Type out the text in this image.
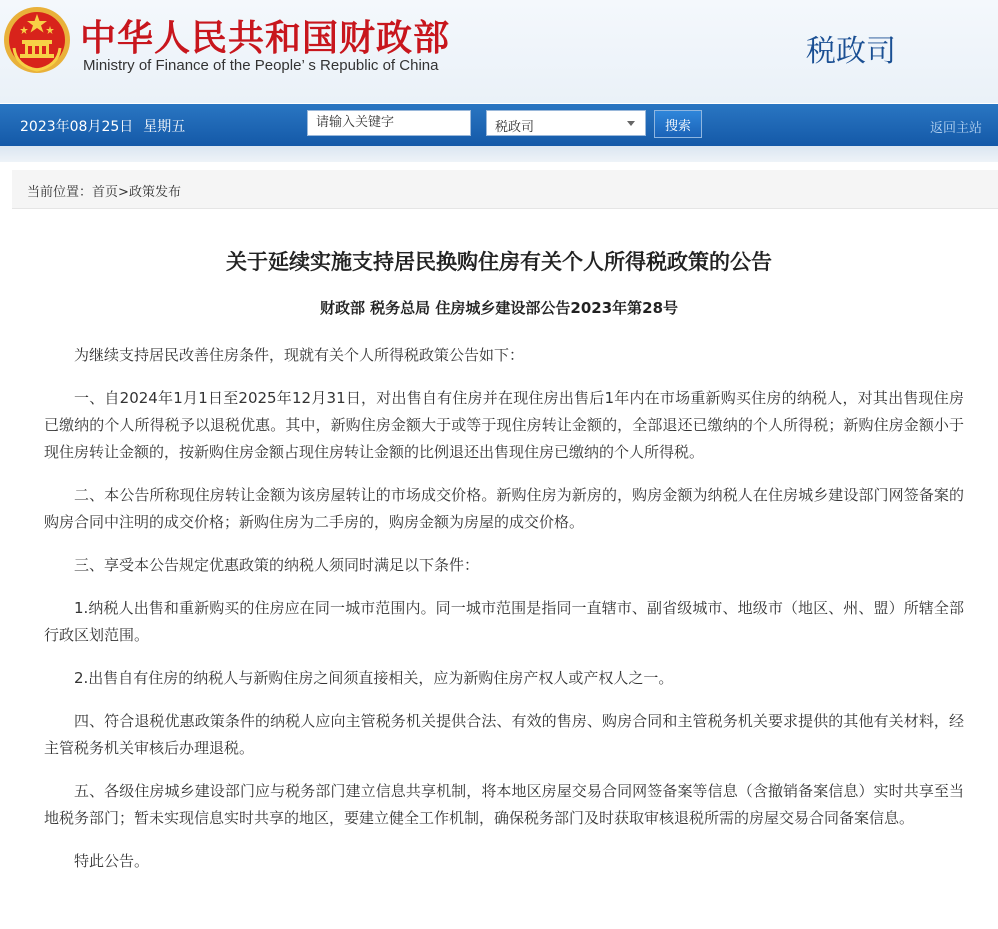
中华人民共和国财政部
Ministry of Finance of the People’ s Republic of China	税政司
2023年08月25日 星期五
请输入关键字	税政司	搜索	返回主站
当前位置：首页>政策发布
关于延续实施支持居民换购住房有关个人所得税政策的公告
财政部 税务总局 住房城乡建设部公告2023年第28号

为继续支持居民改善住房条件，现就有关个人所得税政策公告如下：

一、自2024年1月1日至2025年12月31日，对出售自有住房并在现住房出售后1年内在市场重新购买住房的纳税人，对其出售现住房已缴纳的个人所得税予以退税优惠。其中，新购住房金额大于或等于现住房转让金额的，全部退还已缴纳的个人所得税；新购住房金额小于现住房转让金额的，按新购住房金额占现住房转让金额的比例退还出售现住房已缴纳的个人所得税。

二、本公告所称现住房转让金额为该房屋转让的市场成交价格。新购住房为新房的，购房金额为纳税人在住房城乡建设部门网签备案的购房合同中注明的成交价格；新购住房为二手房的，购房金额为房屋的成交价格。

三、享受本公告规定优惠政策的纳税人须同时满足以下条件：

1.纳税人出售和重新购买的住房应在同一城市范围内。同一城市范围是指同一直辖市、副省级城市、地级市（地区、州、盟）所辖全部行政区划范围。

2.出售自有住房的纳税人与新购住房之间须直接相关，应为新购住房产权人或产权人之一。

四、符合退税优惠政策条件的纳税人应向主管税务机关提供合法、有效的售房、购房合同和主管税务机关要求提供的其他有关材料，经主管税务机关审核后办理退税。

五、各级住房城乡建设部门应与税务部门建立信息共享机制，将本地区房屋交易合同网签备案等信息（含撤销备案信息）实时共享至当地税务部门；暂未实现信息实时共享的地区，要建立健全工作机制，确保税务部门及时获取审核退税所需的房屋交易合同备案信息。

特此公告。
